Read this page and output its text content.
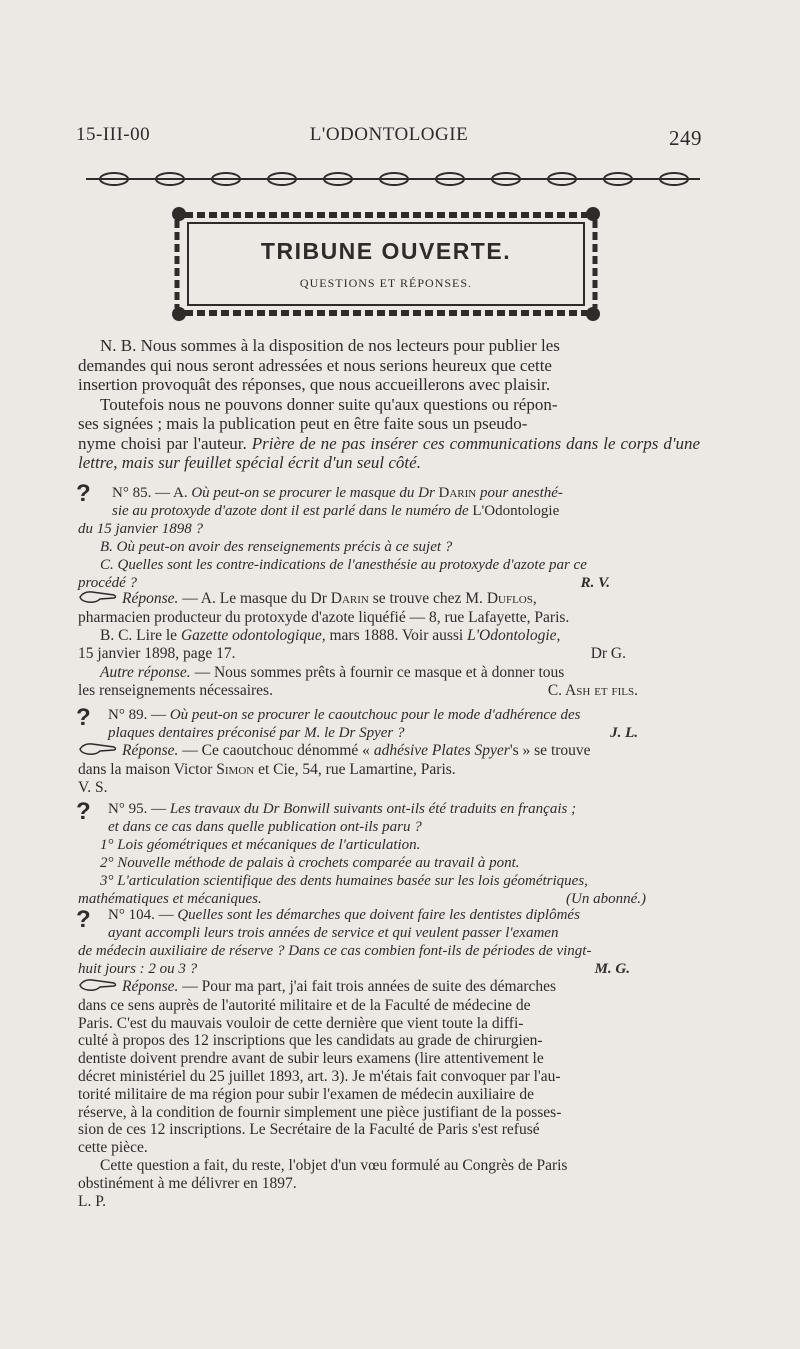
15-III-00	L'ODONTOLOGIE	249
TRIBUNE OUVERTE.
QUESTIONS ET RÉPONSES.

N. B. Nous sommes à la disposition de nos lecteurs pour publier les

demandes qui nous seront adressées et nous serions heureux que cette

insertion provoquât des réponses, que nous accueillerons avec plaisir.

Toutefois nous ne pouvons donner suite qu'aux questions ou répon-

ses signées ; mais la publication peut en être faite sous un pseudo-

nyme choisi par l'auteur. Prière de ne pas insérer ces communications dans le corps d'une lettre, mais sur feuillet spécial écrit d'un seul côté.

?	N° 85. — A. Où peut-on se procurer le masque du Dr Darin pour anesthé-

sie au protoxyde d'azote dont il est parlé dans le numéro de L'Odontologie

du 15 janvier 1898 ?

B. Où peut-on avoir des renseignements précis à ce sujet ?

C. Quelles sont les contre-indications de l'anesthésie au protoxyde d'azote par ce

procédé ?	R. V.

Réponse. — A. Le masque du Dr Darin se trouve chez M. Duflos,

pharmacien producteur du protoxyde d'azote liquéfié — 8, rue Lafayette, Paris.

B. C. Lire le Gazette odontologique, mars 1888. Voir aussi L'Odontologie,

15 janvier 1898, page 17.	Dr G.

Autre réponse. — Nous sommes prêts à fournir ce masque et à donner tous

les renseignements nécessaires.	C. Ash et fils.
?	N° 89. — Où peut-on se procurer le caoutchouc pour le mode d'adhérence des

plaques dentaires préconisé par M. le Dr Spyer ?	J. L.

Réponse. — Ce caoutchouc dénommé « adhésive Plates Spyer's » se trouve

dans la maison Victor Simon et Cie, 54, rue Lamartine, Paris.

V. S.

?	N° 95. — Les travaux du Dr Bonwill suivants ont-ils été traduits en français ;

et dans ce cas dans quelle publication ont-ils paru ?

1° Lois géométriques et mécaniques de l'articulation.

2° Nouvelle méthode de palais à crochets comparée au travail à pont.

3° L'articulation scientifique des dents humaines basée sur les lois géométriques,

mathématiques et mécaniques.	(Un abonné.)
?	N° 104. — Quelles sont les démarches que doivent faire les dentistes diplômés

ayant accompli leurs trois années de service et qui veulent passer l'examen

de médecin auxiliaire de réserve ? Dans ce cas combien font-ils de périodes de vingt-

huit jours : 2 ou 3 ?	M. G.

Réponse. — Pour ma part, j'ai fait trois années de suite des démarches

dans ce sens auprès de l'autorité militaire et de la Faculté de médecine de

Paris. C'est du mauvais vouloir de cette dernière que vient toute la diffi-

culté à propos des 12 inscriptions que les candidats au grade de chirurgien-

dentiste doivent prendre avant de subir leurs examens (lire attentivement le

décret ministériel du 25 juillet 1893, art. 3). Je m'étais fait convoquer par l'au-

torité militaire de ma région pour subir l'examen de médecin auxiliaire de

réserve, à la condition de fournir simplement une pièce justifiant de la posses-

sion de ces 12 inscriptions. Le Secrétaire de la Faculté de Paris s'est refusé

cette pièce.

Cette question a fait, du reste, l'objet d'un vœu formulé au Congrès de Paris

obstinément à me délivrer en 1897.

L. P.
